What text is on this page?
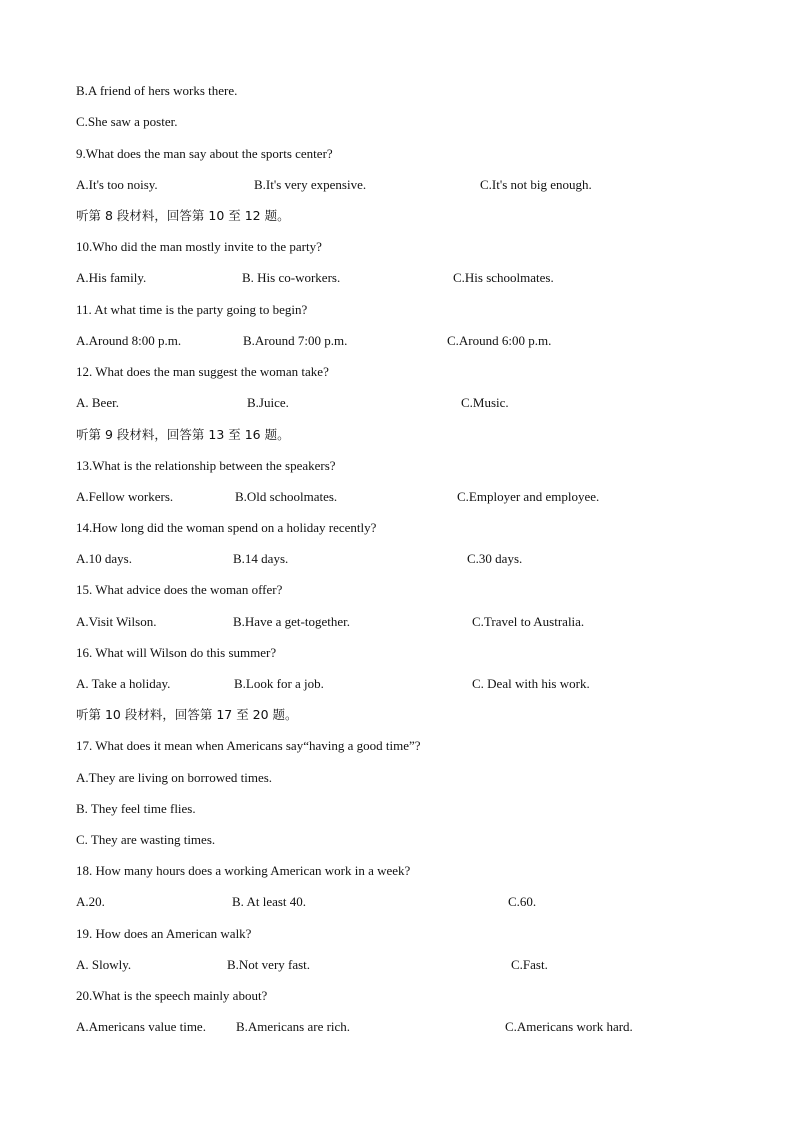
B.A friend of hers works there.
C.She saw a poster.
9.What does the man say about the sports center?
A.It's too noisy.	B.It's very expensive.	C.It's not big enough.
听第 8 段材料，回答第 10 至 12 题。
10.Who did the man mostly invite to the party?
A.His family.	B. His co-workers.	C.His schoolmates.
11. At what time is the party going to begin?
A.Around 8:00 p.m.	B.Around 7:00 p.m.	C.Around 6:00 p.m.
12. What does the man suggest the woman take?
A. Beer.	B.Juice.	C.Music.
听第 9 段材料，回答第 13 至 16 题。
13.What is the relationship between the speakers?
A.Fellow workers.	B.Old schoolmates.	C.Employer and employee.
14.How long did the woman spend on a holiday recently?
A.10 days.	B.14 days.	C.30 days.
15. What advice does the woman offer?
A.Visit Wilson.	B.Have a get-together.	C.Travel to Australia.
16. What will Wilson do this summer?
A. Take a holiday.	B.Look for a job.	C. Deal with his work.
听第 10 段材料，回答第 17 至 20 题。
17. What does it mean when Americans say“having a good time”?
A.They are living on borrowed times.
B. They feel time flies.
C. They are wasting times.
18. How many hours does a working American work in a week?
A.20.	B. At least 40.	C.60.
19. How does an American walk?
A. Slowly.	B.Not very fast.	C.Fast.
20.What is the speech mainly about?
A.Americans value time. B.Americans are rich.	C.Americans work hard.
